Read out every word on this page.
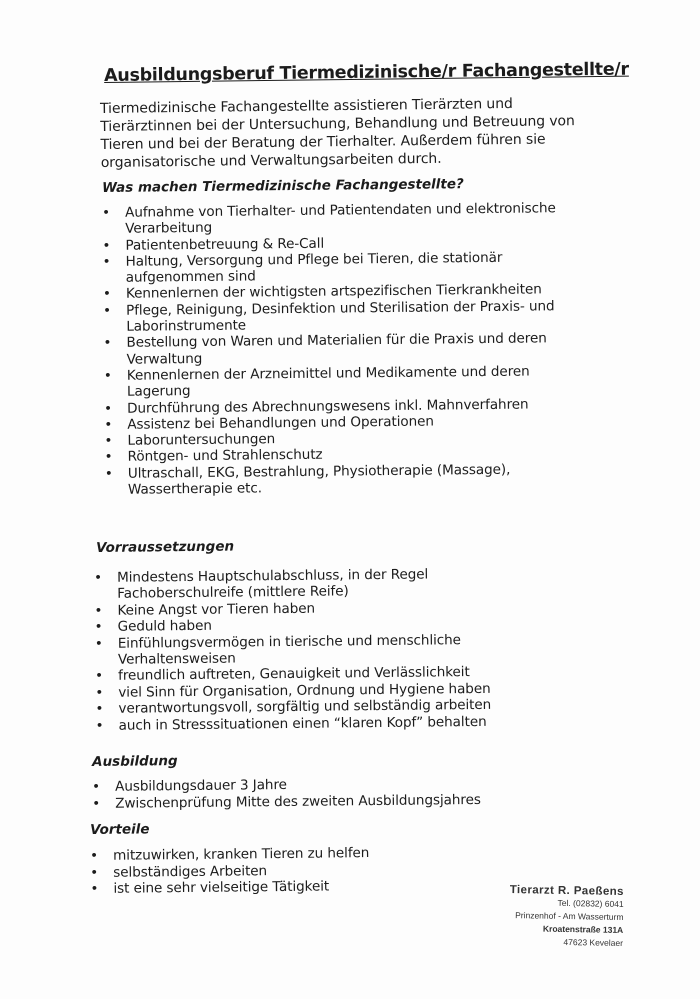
Ausbildungsberuf Tiermedizinische/r Fachangestellte/r

Tiermedizinische Fachangestellte assistieren Tierärzten und Tierärztinnen bei der Untersuchung, Behandlung und Betreuung von Tieren und bei der Beratung der Tierhalter. Außerdem führen sie organisatorische und Verwaltungsarbeiten durch.

Was machen Tiermedizinische Fachangestellte?
• Aufnahme von Tierhalter- und Patientendaten und elektronische Verarbeitung
• Patientenbetreuung & Re-Call
• Haltung, Versorgung und Pflege bei Tieren, die stationär aufgenommen sind
• Kennenlernen der wichtigsten artspezifischen Tierkrankheiten
• Pflege, Reinigung, Desinfektion und Sterilisation der Praxis- und Laborinstrumente
• Bestellung von Waren und Materialien für die Praxis und deren Verwaltung
• Kennenlernen der Arzneimittel und Medikamente und deren Lagerung
• Durchführung des Abrechnungswesens inkl. Mahnverfahren
• Assistenz bei Behandlungen und Operationen
• Laboruntersuchungen
• Röntgen- und Strahlenschutz
• Ultraschall, EKG, Bestrahlung, Physiotherapie (Massage), Wassertherapie etc.
Vorraussetzungen
• Mindestens Hauptschulabschluss, in der Regel Fachoberschulreife (mittlere Reife)
• Keine Angst vor Tieren haben
• Geduld haben
• Einfühlungsvermögen in tierische und menschliche Verhaltensweisen
• freundlich auftreten, Genauigkeit und Verlässlichkeit
• viel Sinn für Organisation, Ordnung und Hygiene haben
• verantwortungsvoll, sorgfältig und selbständig arbeiten
• auch in Stresssituationen einen “klaren Kopf” behalten
Ausbildung
• Ausbildungsdauer 3 Jahre
• Zwischenprüfung Mitte des zweiten Ausbildungsjahres
Vorteile
• mitzuwirken, kranken Tieren zu helfen
• selbständiges Arbeiten
• ist eine sehr vielseitige Tätigkeit	Tierarzt R. Paeßens
Tel. (02832) 6041
Prinzenhof - Am Wasserturm
Kroatenstraße 131A
47623 Kevelaer
